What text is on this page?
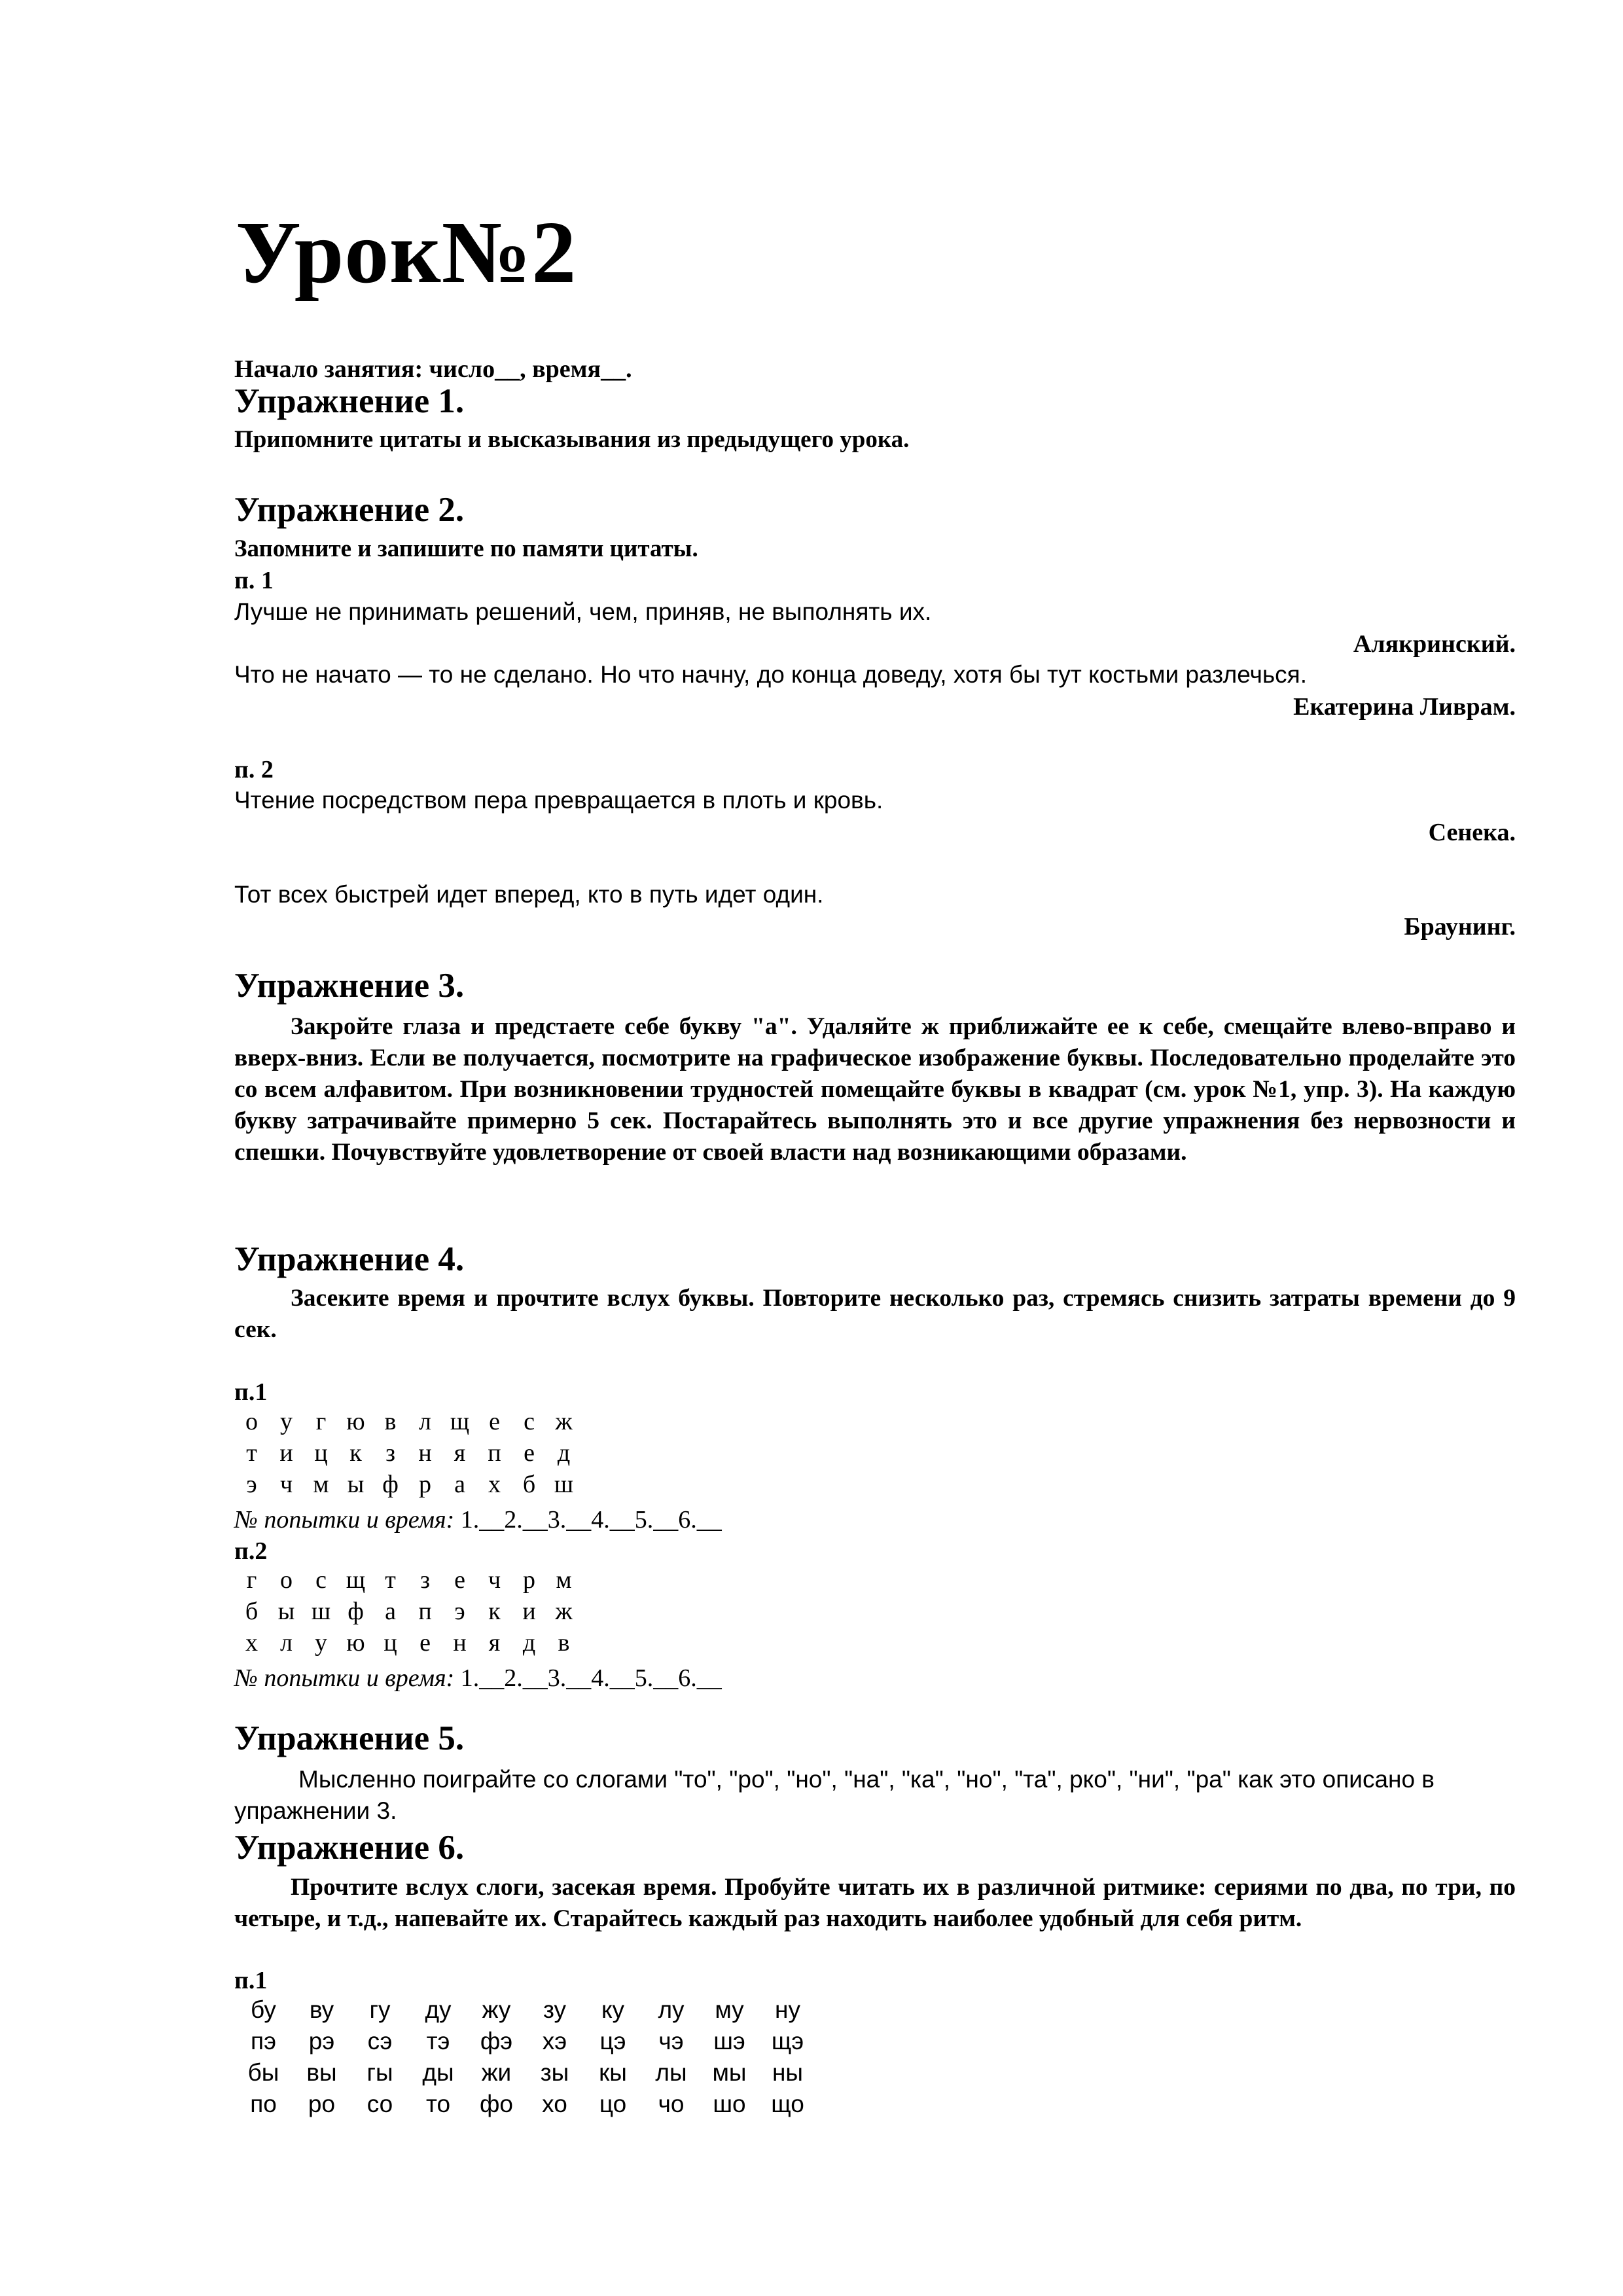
Урок№2
Начало занятия: число__, время__.
Упражнение 1.
Припомните цитаты и высказывания из предыдущего урока.
Упражнение 2.
Запомните и запишите по памяти цитаты.
п. 1
Лучше не принимать решений, чем, приняв, не выполнять их.
Алякринский.
Что не начато — то не сделано. Но что начну, до конца доведу, хотя бы тут костьми разлечься.
Екатерина Ливрам.
п. 2
Чтение посредством пера превращается в плоть и кровь.
Сенека.
Тот всех быстрей идет вперед, кто в путь идет один.
Браунинг.
Упражнение 3.
Закройте глаза и предстаете себе букву "а". Удаляйте ж приближайте ее к себе, смещайте влево-вправо и вверх-вниз. Если ве получается, посмотрите на графическое изображение буквы. Последовательно проделайте это со всем алфавитом. При возникновении трудностей помещайте буквы в квадрат (см. урок №1, упр. 3). На каждую букву затрачивайте примерно 5 сек. Постарайтесь выполнять это и все другие упражнения без нервозности и спешки. Почувствуйте удовлетворение от своей власти над возникающими образами.
Упражнение 4.
Засеките время и прочтите вслух буквы. Повторите несколько раз, стремясь снизить затраты времени до 9 сек.
п.1
о у г ю в л щ е с ж
т и ц к з н я п е д
э ч м ы ф р а х б ш
№ попытки и время: 1.__2.__3.__4.__5.__6.__
п.2
г о с щ т з е ч р м
б ы ш ф а п э к и ж
х л у ю ц е н я д в
№ попытки и время: 1.__2.__3.__4.__5.__6.__
Упражнение 5.
Мысленно поиграйте со слогами "то", "ро", "но", "на", "ка", "но", "та", рко", "ни", "ра" как это описано в упражнении 3.
Упражнение 6.
Прочтите вслух слоги, засекая время. Пробуйте читать их в различной ритмике: сериями по два, по три, по четыре, и т.д., напевайте их. Старайтесь каждый раз находить наиболее удобный для себя ритм.
п.1
бу	ву	гу	ду	жу	зу	ку	лу	му	ну
пэ	рэ	сэ	тэ	фэ	хэ	цэ	чэ	шэ	щэ
бы	вы	гы	ды	жи	зы	кы	лы	мы	ны
по	ро	со	то	фо	хо	цо	чо	шо	що
